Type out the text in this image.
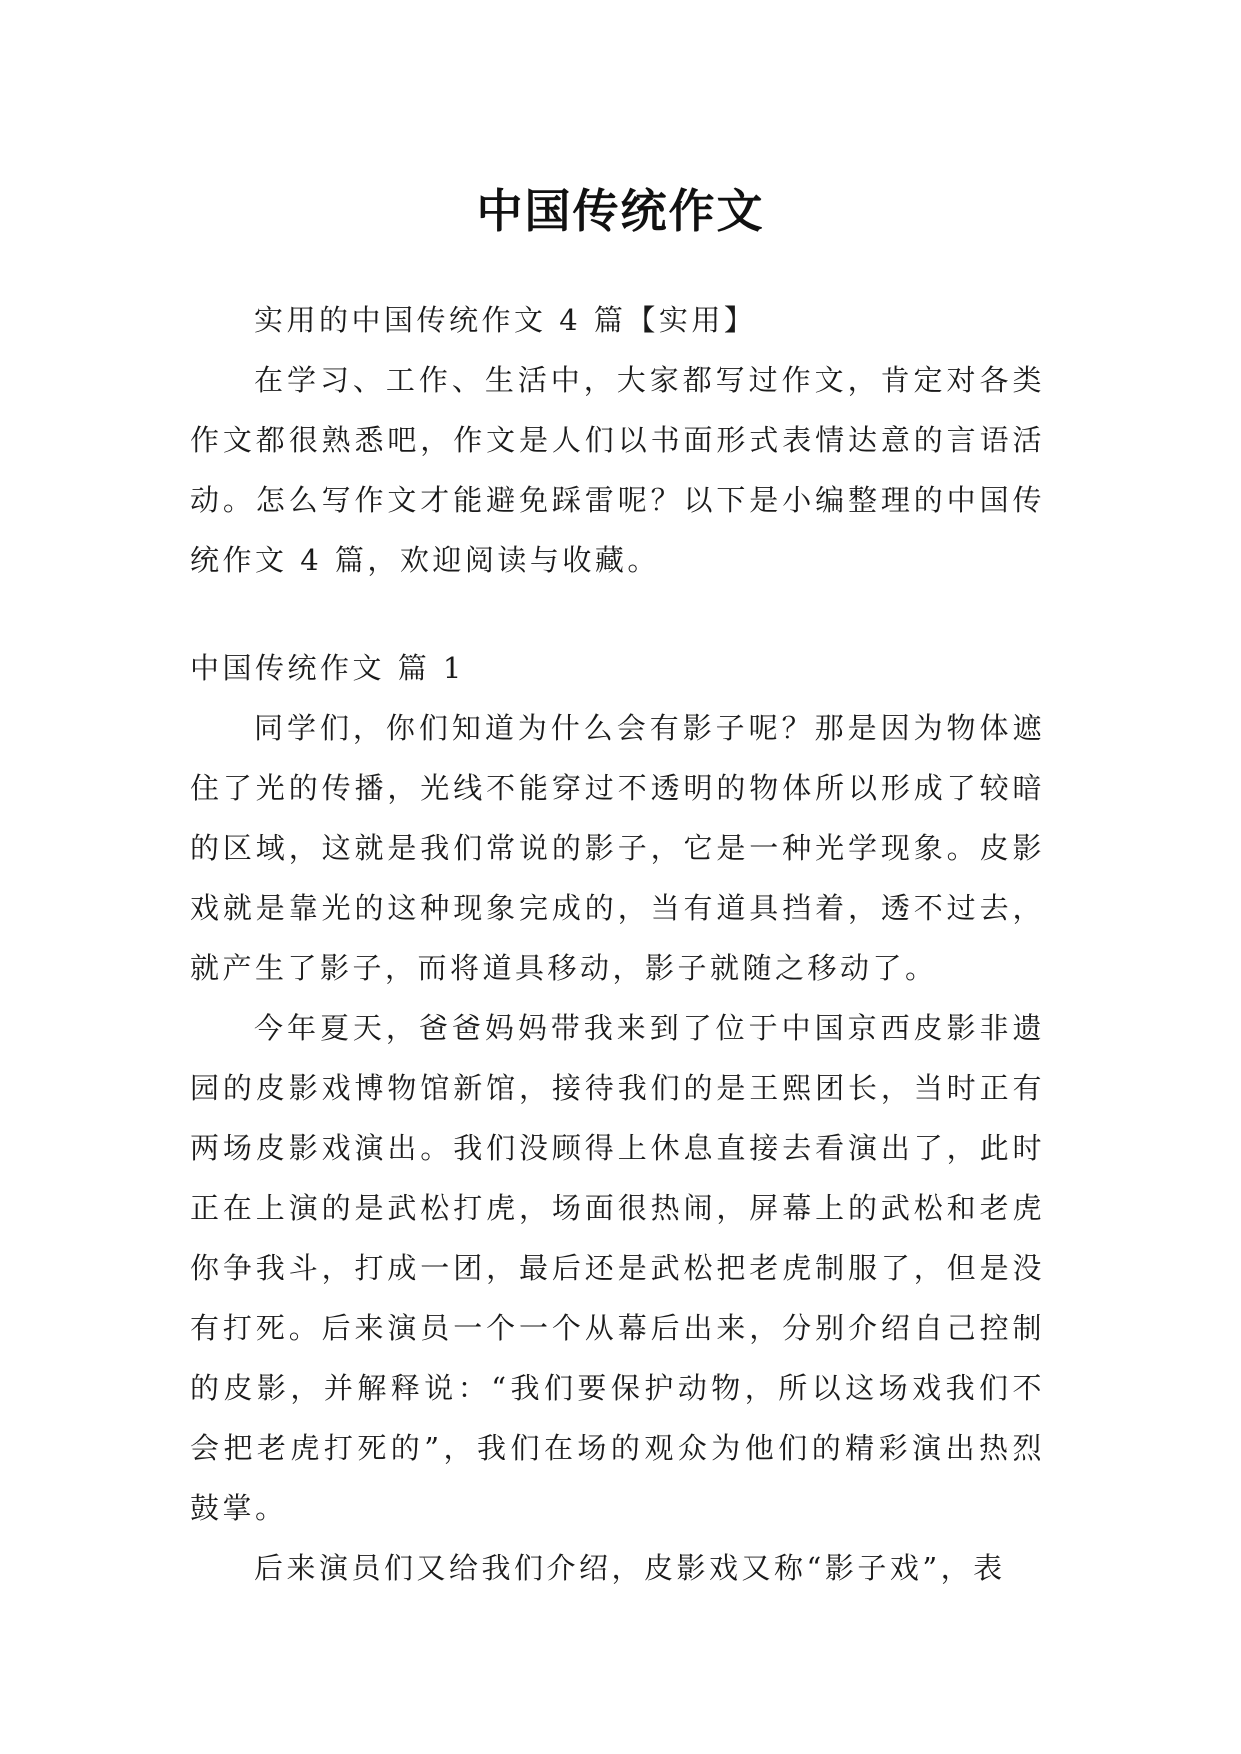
中国传统作文

实用的中国传统作文 4 篇【实用】

在学习、工作、生活中，大家都写过作文，肯定对各类作文都很熟悉吧，作文是人们以书面形式表情达意的言语活动。怎么写作文才能避免踩雷呢？以下是小编整理的中国传统作文 4 篇，欢迎阅读与收藏。

中国传统作文 篇 1

同学们，你们知道为什么会有影子呢？那是因为物体遮住了光的传播，光线不能穿过不透明的物体所以形成了较暗的区域，这就是我们常说的影子，它是一种光学现象。皮影戏就是靠光的这种现象完成的，当有道具挡着，透不过去，就产生了影子，而将道具移动，影子就随之移动了。

今年夏天，爸爸妈妈带我来到了位于中国京西皮影非遗园的皮影戏博物馆新馆，接待我们的是王熙团长，当时正有两场皮影戏演出。我们没顾得上休息直接去看演出了，此时正在上演的是武松打虎，场面很热闹，屏幕上的武松和老虎你争我斗，打成一团，最后还是武松把老虎制服了，但是没有打死。后来演员一个一个从幕后出来，分别介绍自己控制的皮影，并解释说：“我们要保护动物，所以这场戏我们不会把老虎打死的”，我们在场的观众为他们的精彩演出热烈鼓掌。

后来演员们又给我们介绍，皮影戏又称“影子戏”，表
